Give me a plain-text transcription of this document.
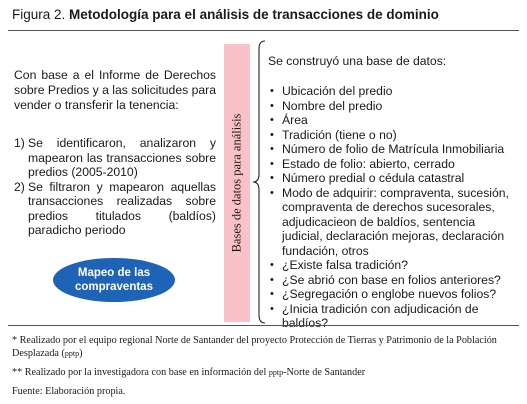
Figura 2. Metodología para el análisis de transacciones de dominio
Con base a el Informe de Derechos sobre Predios y a las solicitudes para vender o transferir la tenencia:
1) Se identificaron, analizaron y mapearon las transacciones sobre predios (2005-2010)
2) Se filtraron y mapearon aquellas transacciones realizadas sobre predios titulados (baldíos) paradicho periodo
Mapeo de las compraventas
Bases de datos para análisis
Se construyó una base de datos:
• Ubicación del predio
• Nombre del predio
• Área
• Tradición (tiene o no)
• Número de folio de Matrícula Inmobiliaria
• Estado de folio: abierto, cerrado
• Número predial o cédula catastral
• Modo de adquirir: compraventa, sucesión, compraventa de derechos sucesorales, adjudicacieon de baldíos, sentencia judicial, declaración mejoras, declaración fundación, otros
• ¿Existe falsa tradición?
• ¿Se abrió con base en folios anteriores?
• ¿Segregación o englobe nuevos folios?
• ¿Inicia tradición con adjudicación de baldíos?

* Realizado por el equipo regional Norte de Santander del proyecto Protección de Tierras y Patrimonio de la Población Desplazada (pptp)

** Realizado por la investigadora con base en información del pptp-Norte de Santander

Fuente: Elaboración propia.
